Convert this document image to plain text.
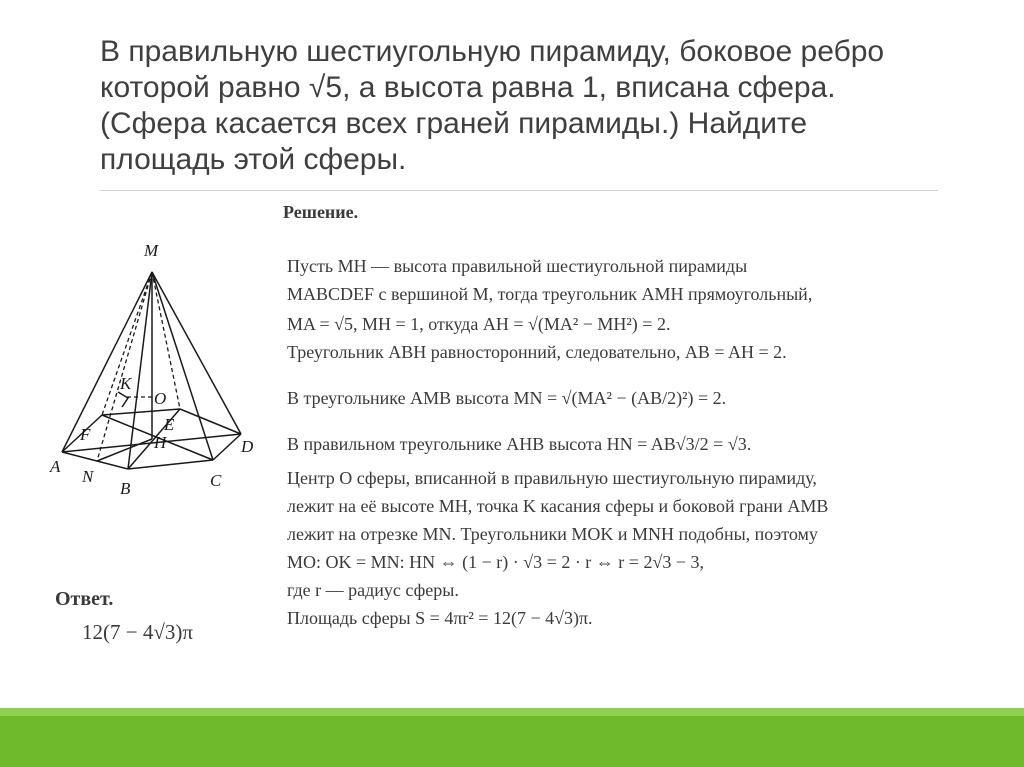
В правильную шестиугольную пирамиду, боковое ребро
которой равно √5, а высота равна 1, вписана сфера.
(Сфера касается всех граней пирамиды.) Найдите
площадь этой сферы.
M
K
O
E
F	H	D
A
N
B	C
Решение.
Пусть MH — высота правильной шестиугольной пирамиды
MABCDEF с вершиной M, тогда треугольник AMH прямоугольный,
MA = √5, MH = 1, откуда AH = √(MA² − MH²) = 2.
Треугольник ABH равносторонний, следовательно, AB = AH = 2.
В треугольнике AMB высота MN = √(MA² − (AB/2)²) = 2.
В правильном треугольнике AHB высота HN = AB√3/2 = √3.
Центр O сферы, вписанной в правильную шестиугольную пирамиду,
лежит на её высоте МН, точка K касания сферы и боковой грани AMB
лежит на отрезке MN. Треугольники MOK и MNH подобны, поэтому
MO: OK = MN: HN ⇔ (1 − r) · √3 = 2 · r ⇔ r = 2√3 − 3,
где r — радиус сферы.
Площадь сферы S = 4πr² = 12(7 − 4√3)π.
Ответ.
12(7 − 4√3)π
